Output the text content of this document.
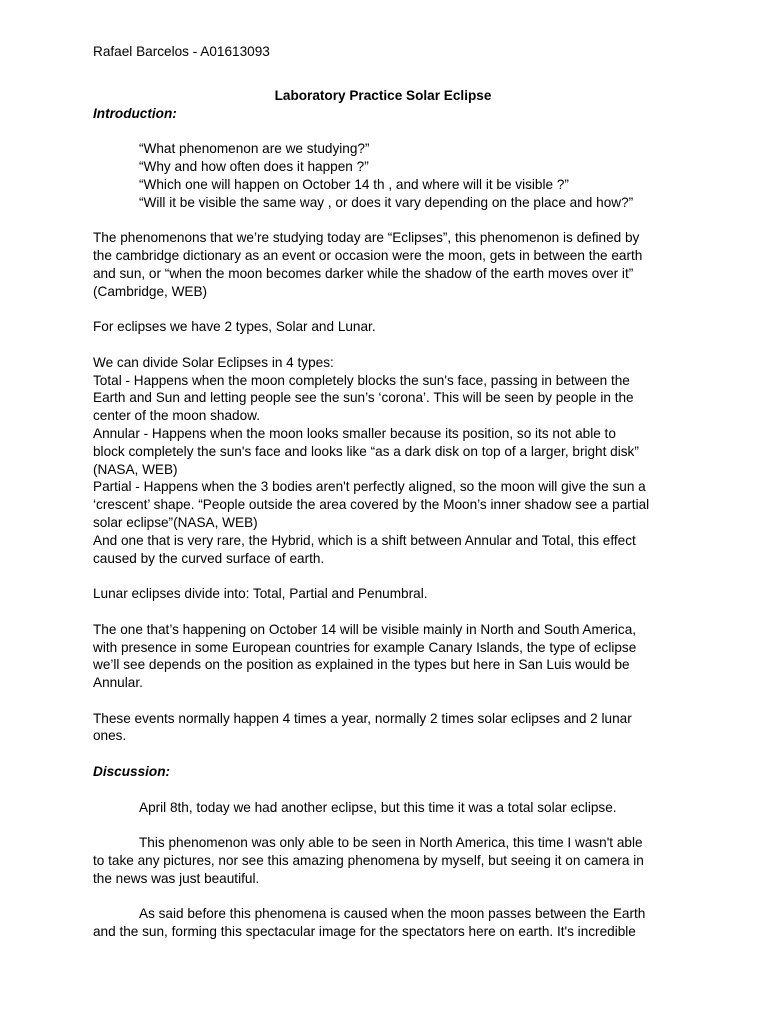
Rafael Barcelos - A01613093

Laboratory Practice Solar Eclipse

Introduction:

“What phenomenon are we studying?”

“Why and how often does it happen ?”

“Which one will happen on October 14 th , and where will it be visible ?”

“Will it be visible the same way , or does it vary depending on the place and how?”

The phenomenons that we’re studying today are “Eclipses”, this phenomenon is defined by

the cambridge dictionary as an event or occasion were the moon, gets in between the earth

and sun, or “when the moon becomes darker while the shadow of the earth moves over it”

(Cambridge, WEB)

For eclipses we have 2 types, Solar and Lunar.

We can divide Solar Eclipses in 4 types:

Total - Happens when the moon completely blocks the sun's face, passing in between the

Earth and Sun and letting people see the sun’s ‘corona’. This will be seen by people in the

center of the moon shadow.

Annular - Happens when the moon looks smaller because its position, so its not able to

block completely the sun's face and looks like “as a dark disk on top of a larger, bright disk”

(NASA, WEB)

Partial - Happens when the 3 bodies aren't perfectly aligned, so the moon will give the sun a

‘crescent’ shape. “People outside the area covered by the Moon’s inner shadow see a partial

solar eclipse”(NASA, WEB)

And one that is very rare, the Hybrid, which is a shift between Annular and Total, this effect

caused by the curved surface of earth.

Lunar eclipses divide into: Total, Partial and Penumbral.

The one that’s happening on October 14 will be visible mainly in North and South America,

with presence in some European countries for example Canary Islands, the type of eclipse

we’ll see depends on the position as explained in the types but here in San Luis would be

Annular.

These events normally happen 4 times a year, normally 2 times solar eclipses and 2 lunar

ones.

Discussion:

April 8th, today we had another eclipse, but this time it was a total solar eclipse.

This phenomenon was only able to be seen in North America, this time I wasn't able

to take any pictures, nor see this amazing phenomena by myself, but seeing it on camera in

the news was just beautiful.

As said before this phenomena is caused when the moon passes between the Earth

and the sun, forming this spectacular image for the spectators here on earth. It's incredible
